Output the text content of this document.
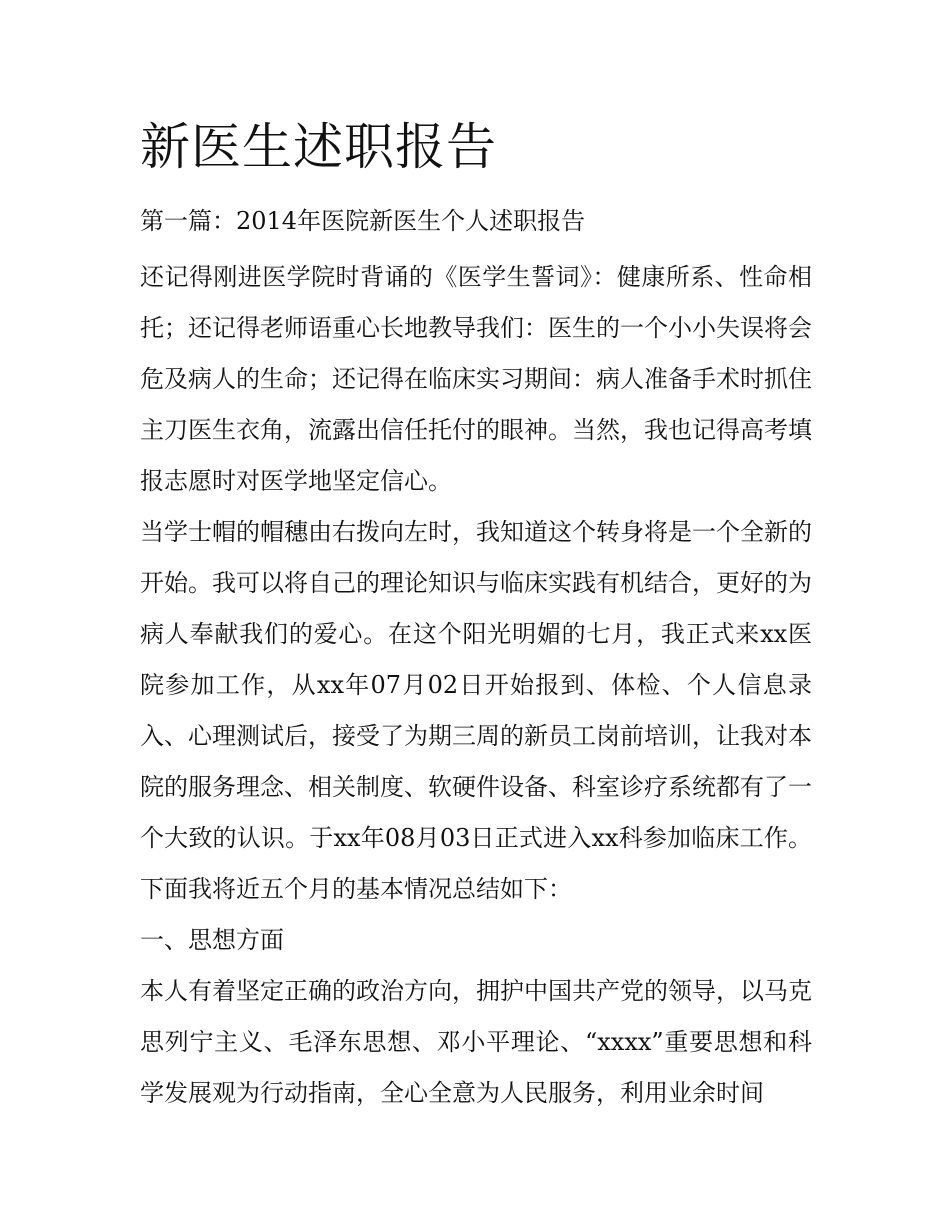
新医生述职报告
第一篇：2014年医院新医生个人述职报告

还记得刚进医学院时背诵的《医学生誓词》：健康所系、性命相托；还记得老师语重心长地教导我们：医生的一个小小失误将会危及病人的生命；还记得在临床实习期间：病人准备手术时抓住主刀医生衣角，流露出信任托付的眼神。当然，我也记得高考填报志愿时对医学地坚定信心。

当学士帽的帽穗由右拨向左时，我知道这个转身将是一个全新的开始。我可以将自己的理论知识与临床实践有机结合，更好的为病人奉献我们的爱心。在这个阳光明媚的七月，我正式来xx医院参加工作，从xx年07月02日开始报到、体检、个人信息录入、心理测试后，接受了为期三周的新员工岗前培训，让我对本院的服务理念、相关制度、软硬件设备、科室诊疗系统都有了一个大致的认识。于xx年08月03日正式进入xx科参加临床工作。下面我将近五个月的基本情况总结如下：

一、思想方面

本人有着坚定正确的政治方向，拥护中国共产党的领导，以马克思列宁主义、毛泽东思想、邓小平理论、“xxxx”重要思想和科学发展观为行动指南，全心全意为人民服务，利用业余时间
